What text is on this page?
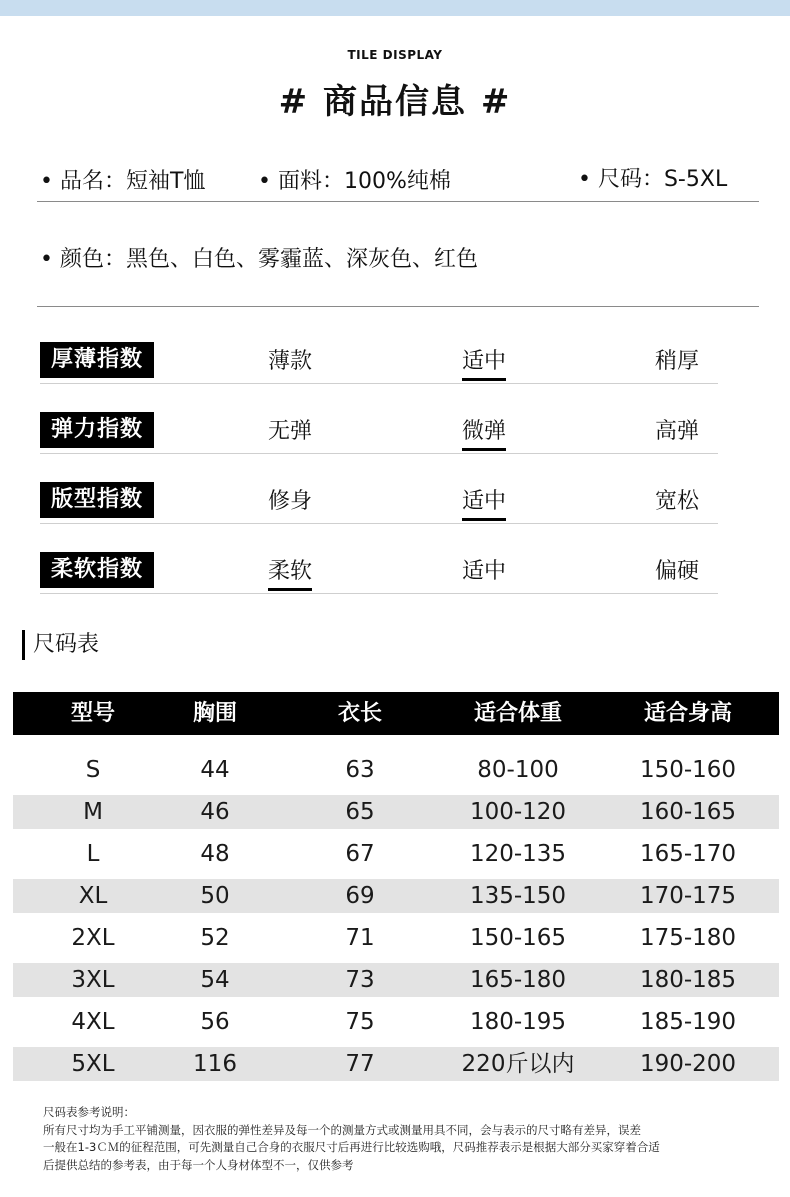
TILE DISPLAY
# 商品信息 #
• 品名：短袖T恤 • 面料：100%纯棉	• 尺码：S-5XL
• 颜色：黑色、白色、雾霾蓝、深灰色、红色
厚薄指数	薄款	适中	稍厚
弹力指数	无弹	微弹	高弹
版型指数	修身	适中	宽松
柔软指数	柔软	适中	偏硬
尺码表
型号	胸围	衣长	适合体重	适合身高
S	44	63	80-100	150-160
M	46	65	100-120	160-165
L	48	67	120-135	165-170
XL	50	69	135-150	170-175
2XL	52	71	150-165	175-180
3XL	54	73	165-180	180-185
4XL	56	75	180-195	185-190
5XL	116	77	220斤以内	190-200
尺码表参考说明：
所有尺寸均为手工平铺测量，因衣服的弹性差异及每一个的测量方式或测量用具不同，会与表示的尺寸略有差异，误差
一般在1-3ＣＭ的征程范围，可先测量自己合身的衣服尺寸后再进行比较选购哦，尺码推荐表示是根据大部分买家穿着合适
后提供总结的参考表，由于每一个人身材体型不一，仅供参考
